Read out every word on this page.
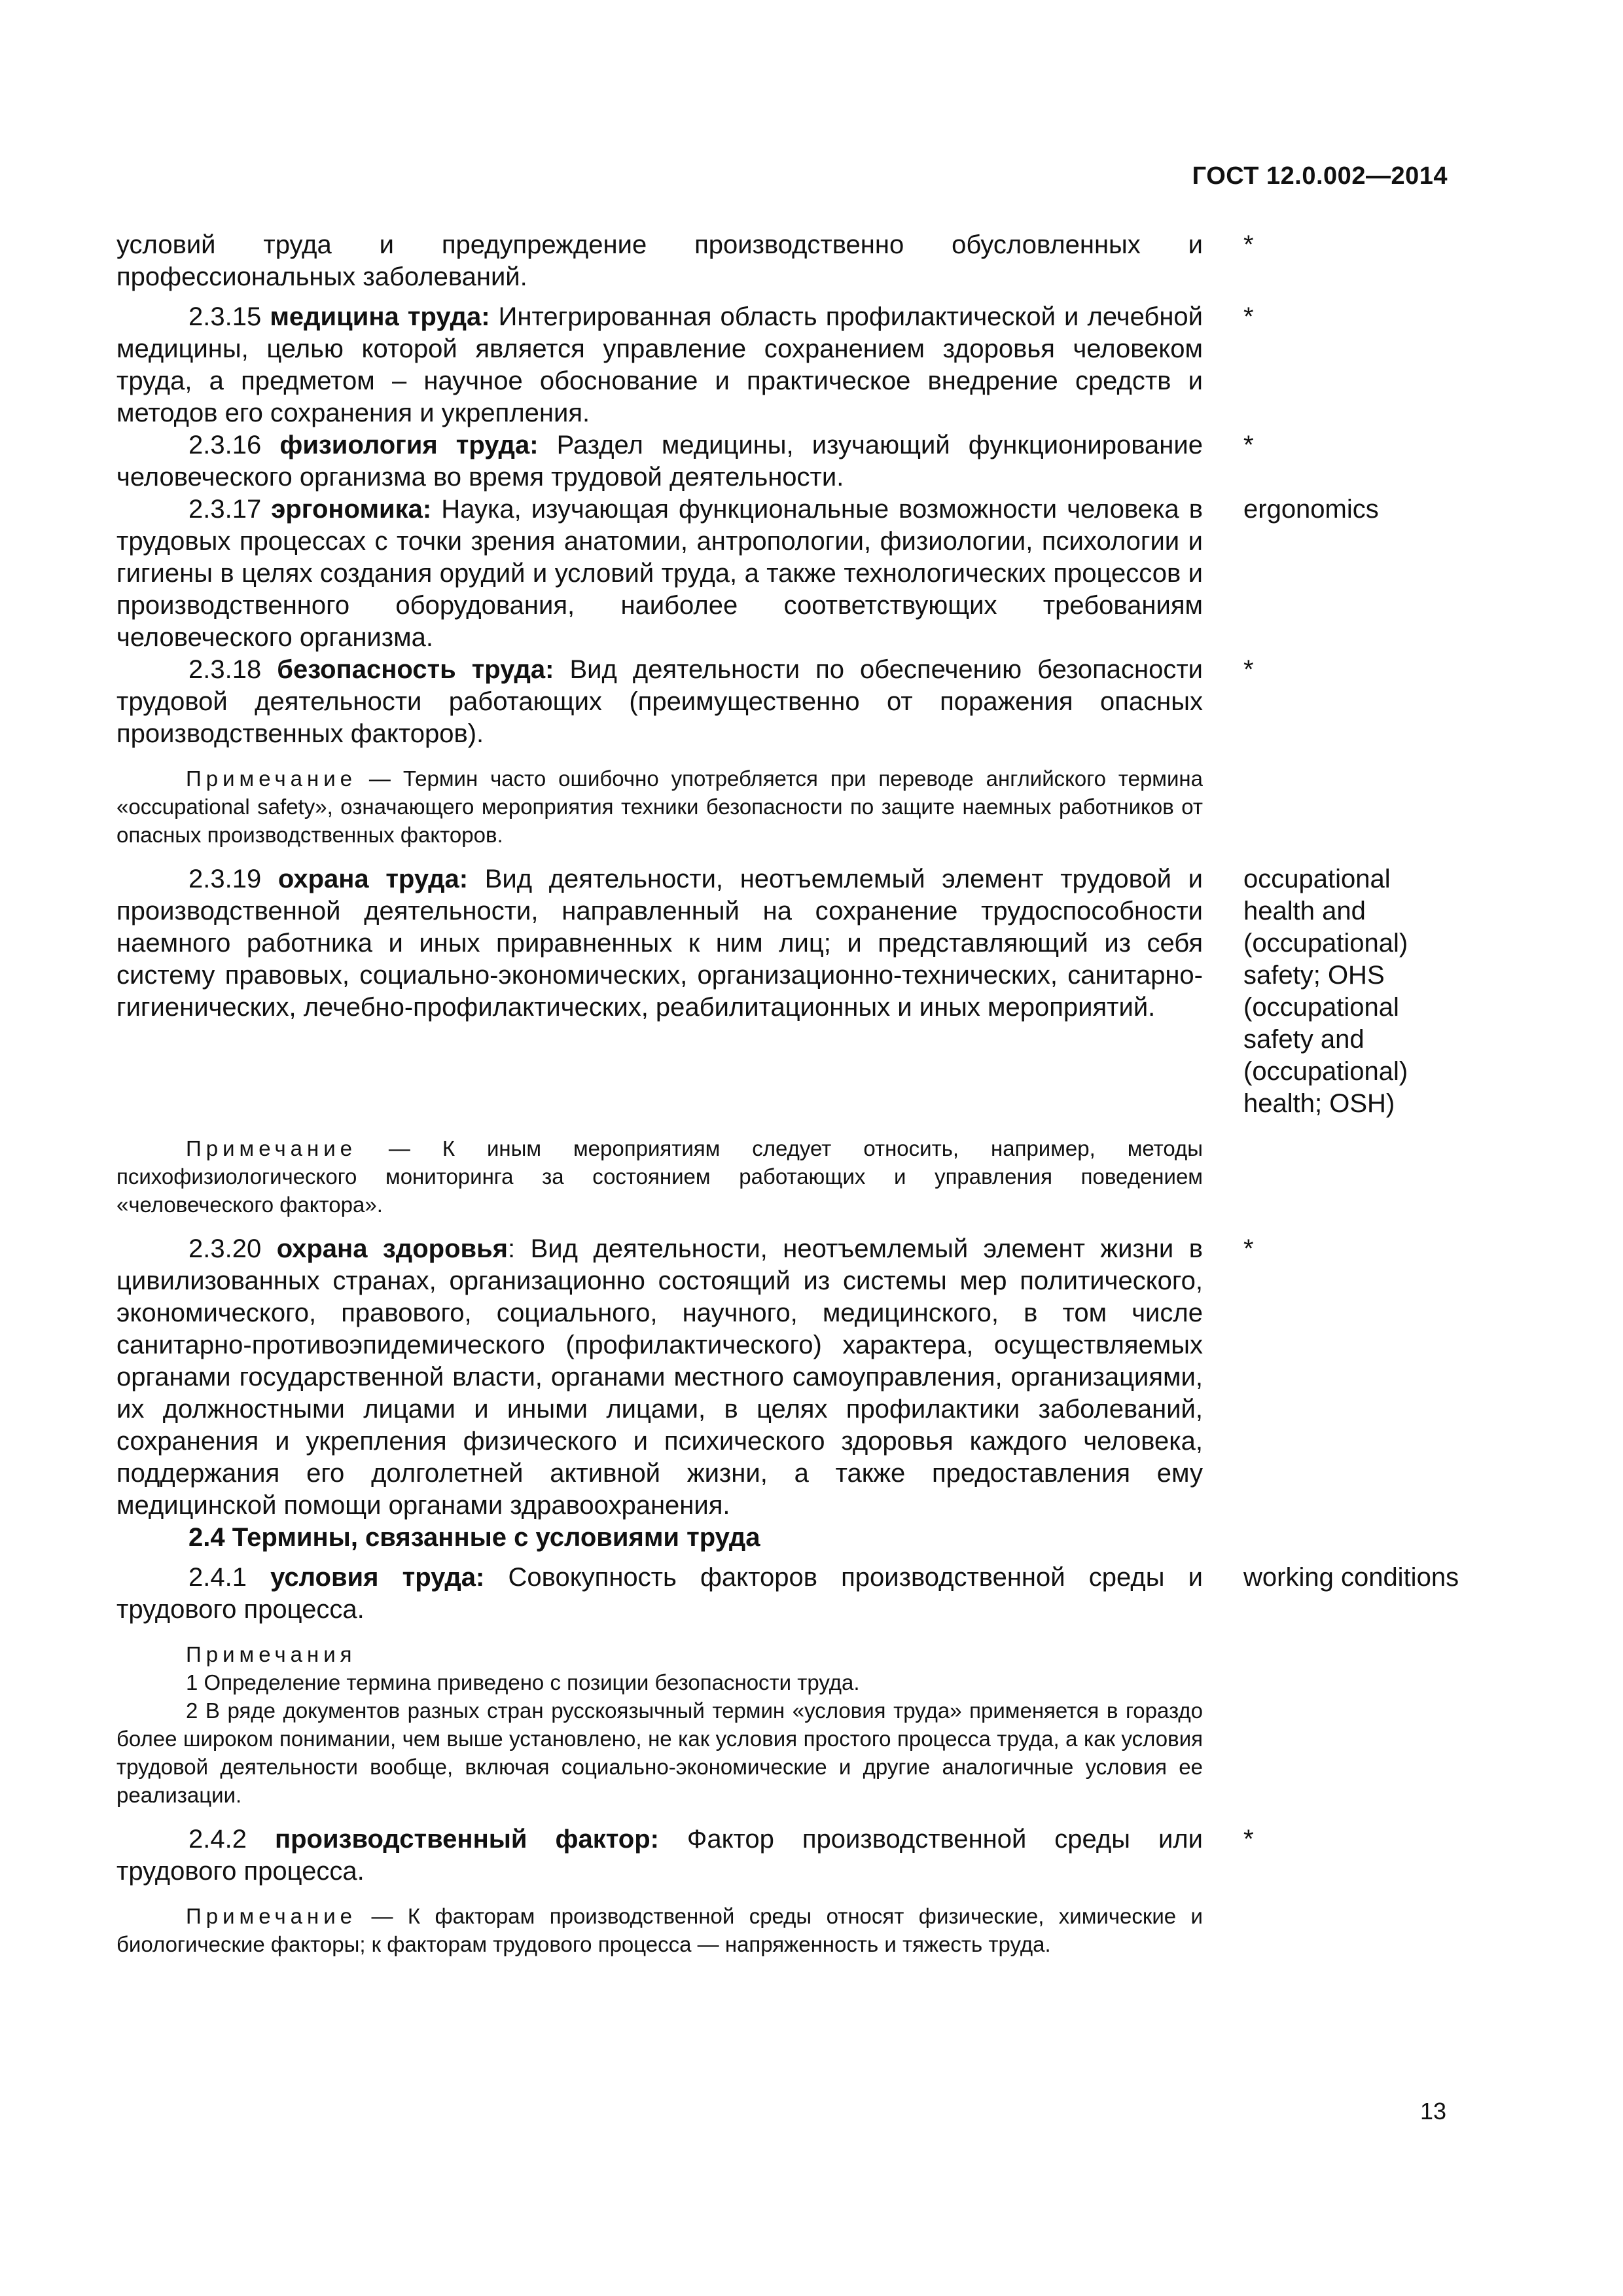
ГОСТ 12.0.002—2014
условий труда и предупреждение производственно обусловленных и профессиональных заболеваний.
*
2.3.15 медицина труда: Интегрированная область профилактической и лечебной медицины, целью которой является управление сохранением здоровья человеком труда, а предметом – научное обоснование и практическое внедрение средств и методов его сохранения и укрепления.
*
2.3.16 физиология труда: Раздел медицины, изучающий функционирование человеческого организма во время трудовой деятельности.
*
2.3.17 эргономика: Наука, изучающая функциональные возможности человека в трудовых процессах с точки зрения анатомии, антропологии, физиологии, психологии и гигиены в целях создания орудий и условий труда, а также технологических процессов и производственного оборудования, наиболее соответствующих требованиям человеческого организма.
ergonomics
2.3.18 безопасность труда: Вид деятельности по обеспечению безопасности трудовой деятельности работающих (преимущественно от поражения опасных производственных факторов).
*
Примечание — Термин часто ошибочно употребляется при переводе английского термина «occupational safety», означающего мероприятия техники безопасности по защите наемных работников от опасных производственных факторов.
2.3.19 охрана труда: Вид деятельности, неотъемлемый элемент трудовой и производственной деятельности, направленный на сохранение трудоспособности наемного работника и иных приравненных к ним лиц; и представляющий из себя систему правовых, социально-экономических, организационно-технических, санитарно-гигиенических, лечебно-профилактических, реабилитационных и иных мероприятий.
occupational health and (occupational) safety; OHS (occupational safety and (occupational) health; OSH)
Примечание — К иным мероприятиям следует относить, например, методы психофизиологического мониторинга за состоянием работающих и управления поведением «человеческого фактора».
2.3.20 охрана здоровья: Вид деятельности, неотъемлемый элемент жизни в цивилизованных странах, организационно состоящий из системы мер политического, экономического, правового, социального, научного, медицинского, в том числе санитарно-противоэпидемического (профилактического) характера, осуществляемых органами государственной власти, органами местного самоуправления, организациями, их должностными лицами и иными лицами, в целях профилактики заболеваний, сохранения и укрепления физического и психического здоровья каждого человека, поддержания его долголетней активной жизни, а также предоставления ему медицинской помощи органами здравоохранения.
*
2.4 Термины, связанные с условиями труда
2.4.1 условия труда: Совокупность факторов производственной среды и трудового процесса.
working conditions
Примечания
1 Определение термина приведено с позиции безопасности труда.
2 В ряде документов разных стран русскоязычный термин «условия труда» применяется в гораздо более широком понимании, чем выше установлено, не как условия простого процесса труда, а как условия трудовой деятельности вообще, включая социально-экономические и другие аналогичные условия ее реализации.
2.4.2 производственный фактор: Фактор производственной среды или трудового процесса.
*
Примечание — К факторам производственной среды относят физические, химические и биологические факторы; к факторам трудового процесса — напряженность и тяжесть труда.
13
